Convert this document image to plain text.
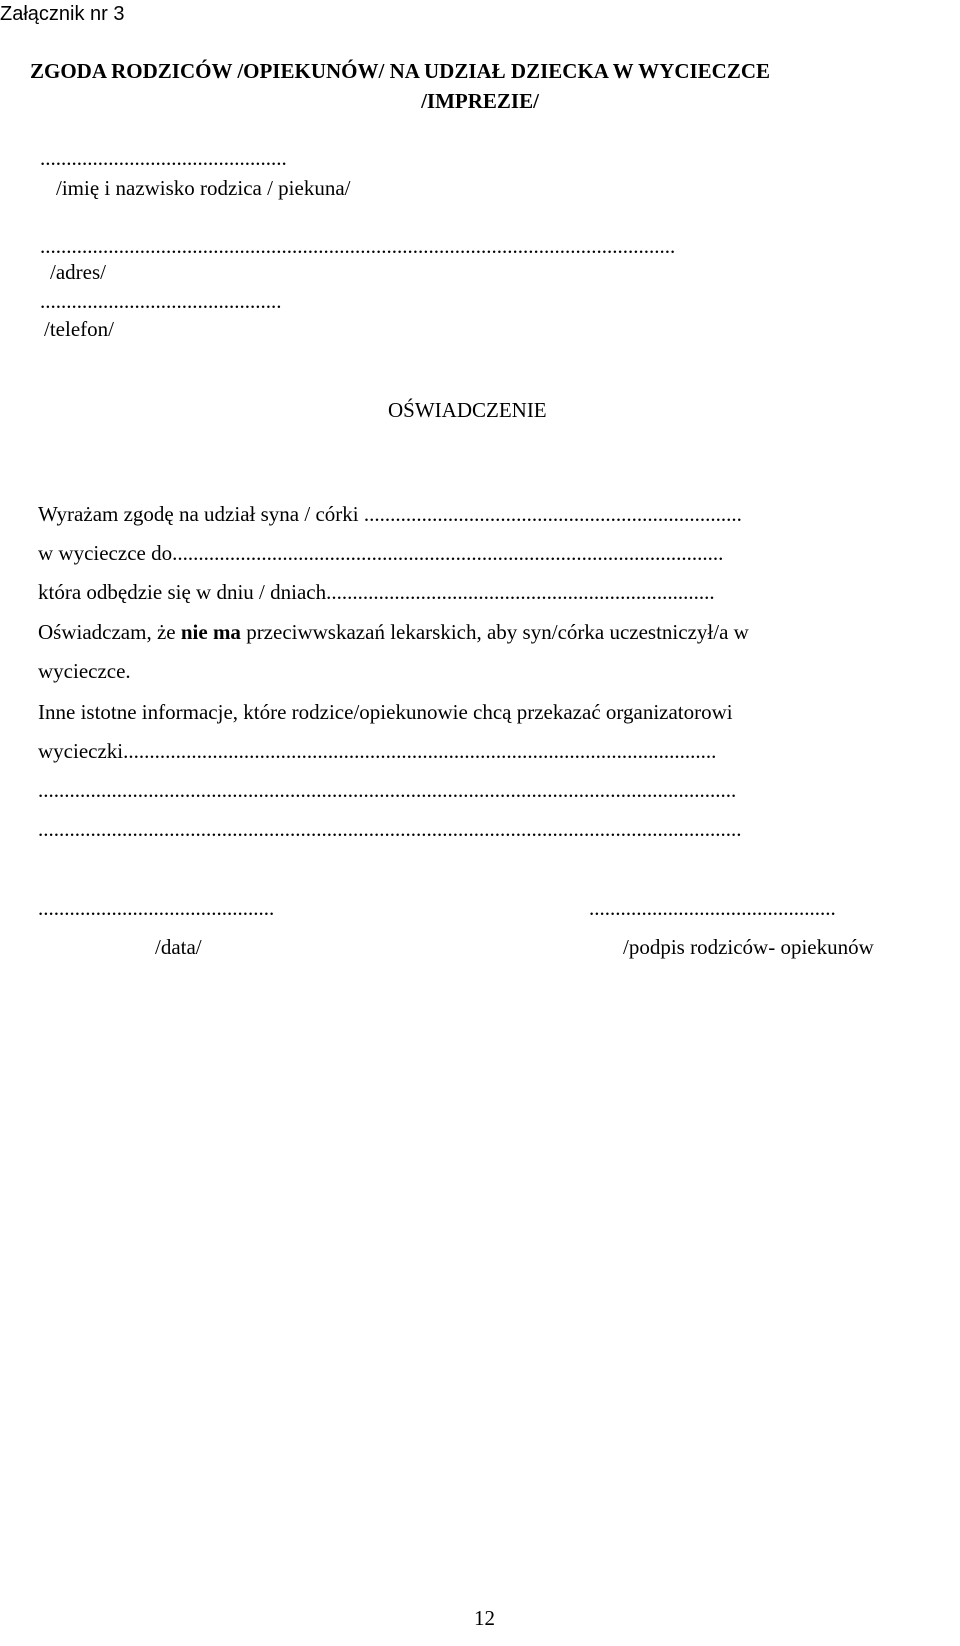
Załącznik nr 3
ZGODA RODZICÓW /OPIEKUNÓW/ NA UDZIAŁ DZIECKA W WYCIECZCE
/IMPREZIE/
...............................................
/imię i nazwisko rodzica / piekuna/
.........................................................................................................................
/adres/
..............................................
/telefon/
OŚWIADCZENIE
Wyrażam zgodę na udział syna / córki ........................................................................
w wycieczce do.........................................................................................................
która odbędzie się w dniu / dniach..........................................................................
Oświadczam, że nie ma przeciwwskazań lekarskich, aby syn/córka uczestniczył/a w
wycieczce.
Inne istotne informacje, które rodzice/opiekunowie chcą przekazać organizatorowi
wycieczki.................................................................................................................
.....................................................................................................................................
......................................................................................................................................
.............................................	...............................................
/data/	/podpis rodziców- opiekunów
12
